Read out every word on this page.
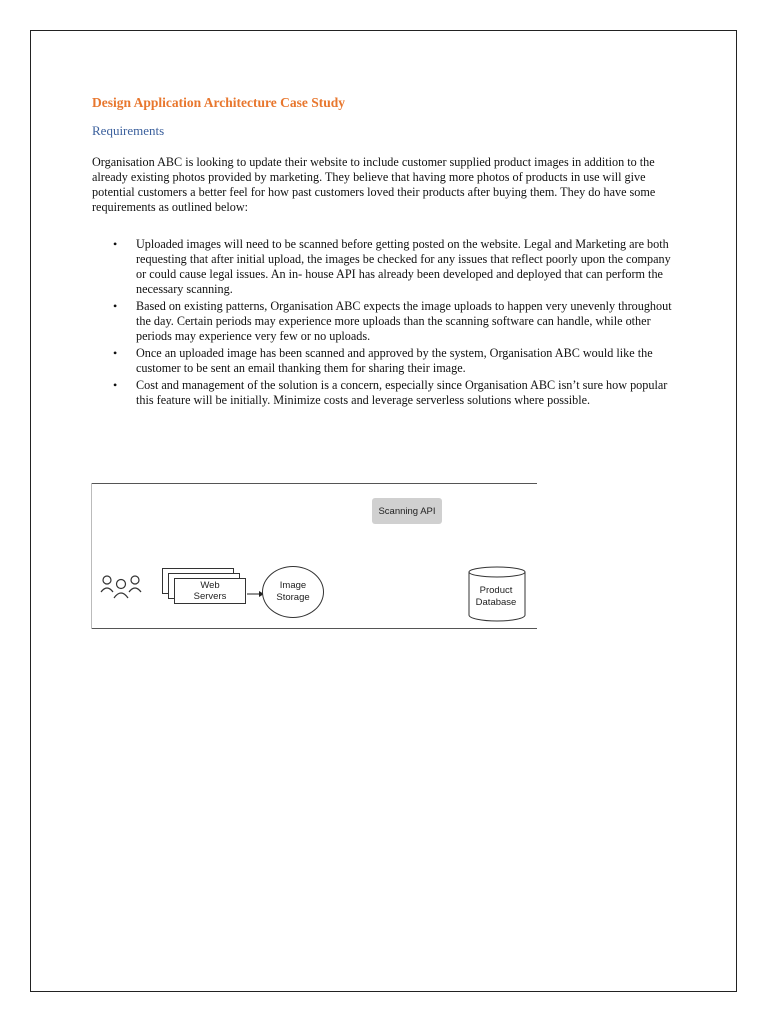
Design Application Architecture Case Study
Requirements

Organisation ABC is looking to update their website to include customer supplied product images in addition to the already existing photos provided by marketing. They believe that having more photos of products in use will give potential customers a better feel for how past customers loved their products after buying them. They do have some requirements as outlined below:

• Uploaded images will need to be scanned before getting posted on the website. Legal and Marketing are both requesting that after initial upload, the images be checked for any issues that reflect poorly upon the company or could cause legal issues. An in- house API has already been developed and deployed that can perform the necessary scanning.
• Based on existing patterns, Organisation ABC expects the image uploads to happen very unevenly throughout the day. Certain periods may experience more uploads than the scanning software can handle, while other periods may experience very few or no uploads.
• Once an uploaded image has been scanned and approved by the system, Organisation ABC would like the customer to be sent an email thanking them for sharing their image.
• Cost and management of the solution is a concern, especially since Organisation ABC isn’t sure how popular this feature will be initially. Minimize costs and leverage serverless solutions where possible.
Scanning API
Web
Servers
Image
Storage
Product
Database
